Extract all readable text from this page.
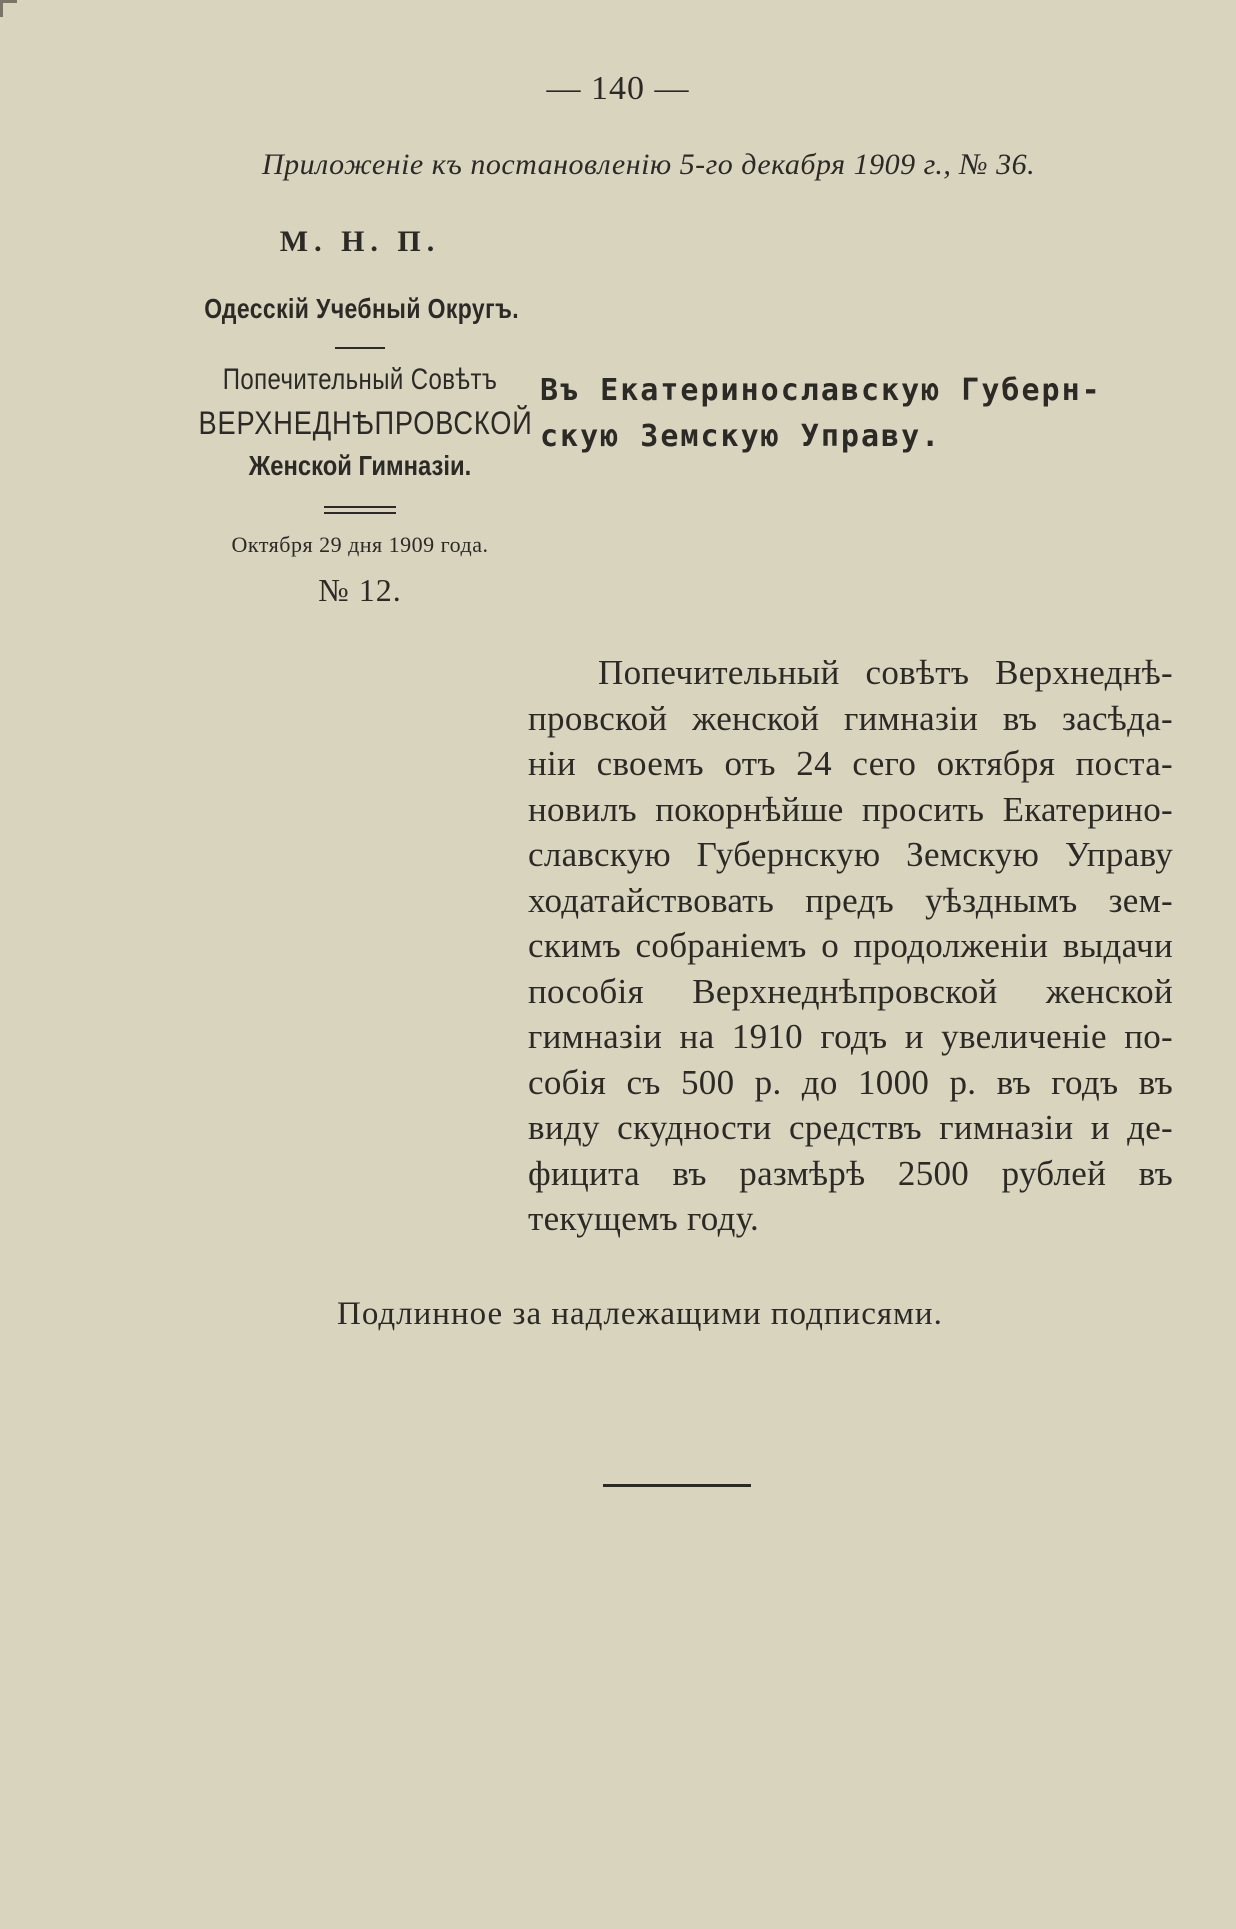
— 140 —
Приложенiе къ постановленiю 5-го декабря 1909 г., № 36.
М. Н. П.
Одесскiй Учебный Округъ.
Попечительный Совѣтъ
ВЕРХНЕДНѢПРОВСКОЙ
Женской Гимназiи.
Октября 29 дня 1909 года.
№ 12.
Въ Екатеринославскую Губерн-
скую Земскую Управу.
Попечительный совѣтъ Верхнеднѣ-
провской женской гимназiи въ засѣда-
нiи своемъ отъ 24 сего октября поста-
новилъ покорнѣйше просить Екатерино-
славскую Губернскую Земскую Управу
ходатайствовать предъ уѣзднымъ зем-
скимъ собранiемъ о продолженiи выдачи
пособiя Верхнеднѣпровской женской
гимназiи на 1910 годъ и увеличенiе по-
собiя съ 500 р. до 1000 р. въ годъ въ
виду скудности средствъ гимназiи и де-
фицита въ размѣрѣ 2500 рублей въ
текущемъ году.
Подлинное за надлежащими подписями.
